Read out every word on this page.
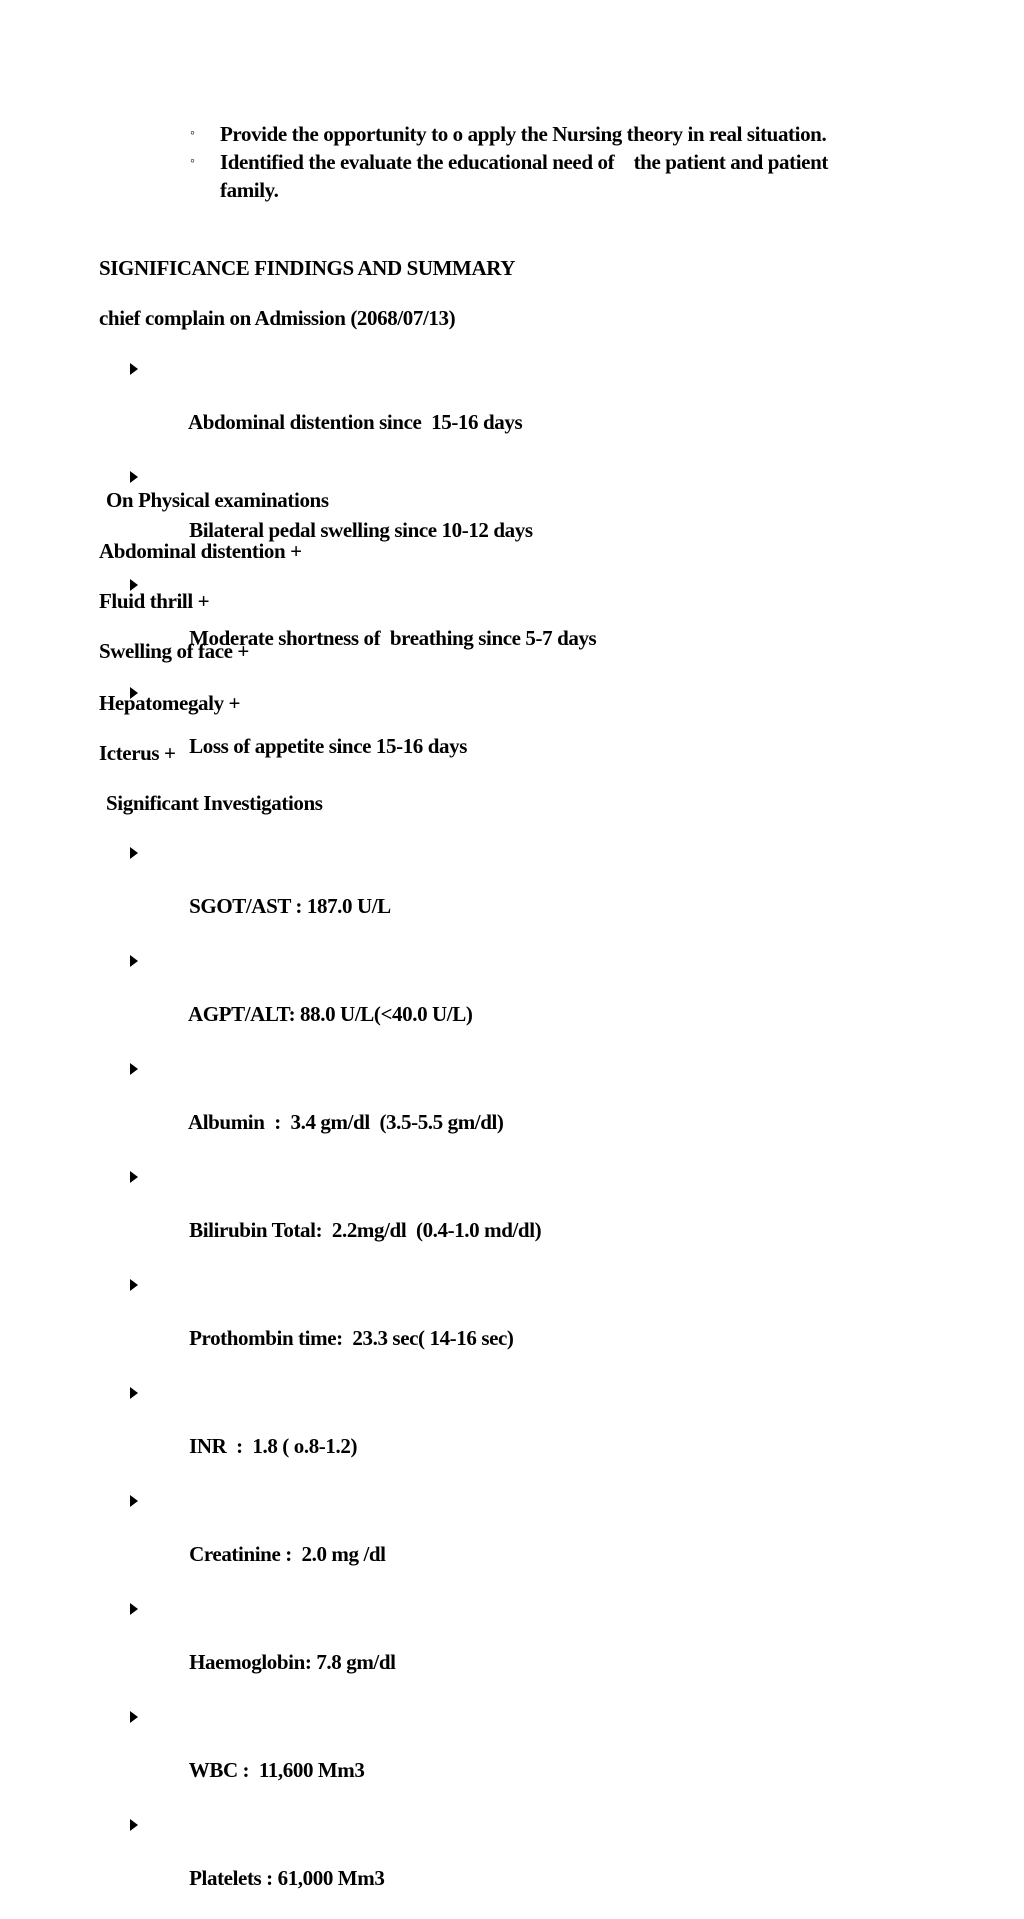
◦ Provide the opportunity to o apply the Nursing theory in real situation.
◦ Identified the evaluate the educational need of    the patient and patient family.
SIGNIFICANCE FINDINGS AND SUMMARY
chief complain on Admission (2068/07/13)

Abdominal distention since  15-16 days

Bilateral pedal swelling since 10-12 days

Moderate shortness of  breathing since 5-7 days

Loss of appetite since 15-16 days

On Physical examinations
Abdominal distention +
Fluid thrill +
Swelling of face +
Hepatomegaly +
Icterus +
Significant Investigations

SGOT/AST : 187.0 U/L

AGPT/ALT: 88.0 U/L(<40.0 U/L)

Albumin  :  3.4 gm/dl  (3.5-5.5 gm/dl)

Bilirubin Total:  2.2mg/dl  (0.4-1.0 md/dl)

Prothombin time:  23.3 sec( 14-16 sec)

INR  :  1.8 ( o.8-1.2)

Creatinine :  2.0 mg /dl

Haemoglobin: 7.8 gm/dl

WBC :  11,600 Mm3

Platelets : 61,000 Mm3
